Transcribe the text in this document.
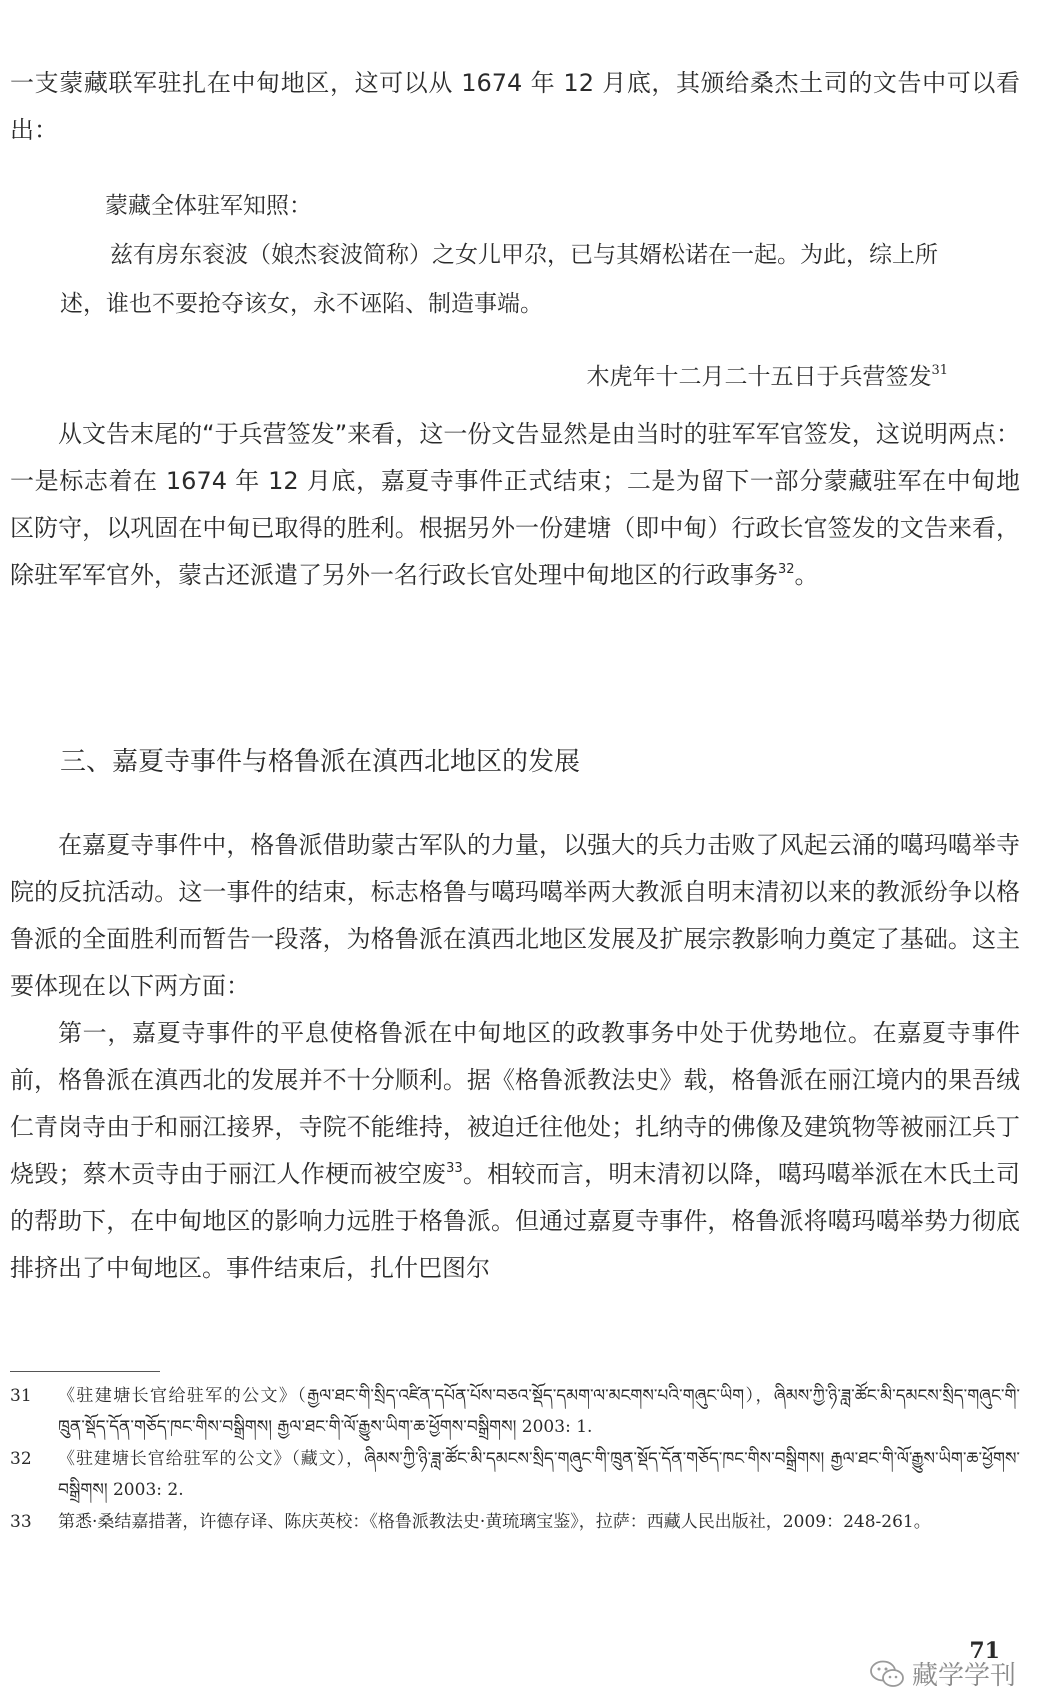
一支蒙藏联军驻扎在中甸地区，这可以从 1674 年 12 月底，其颁给桑杰土司的文告中可以看出：

蒙藏全体驻军知照：

兹有房东衮波（娘杰衮波简称）之女儿甲尕，已与其婿松诺在一起。为此，综上所述，谁也不要抢夺该女，永不诬陷、制造事端。

木虎年十二月二十五日于兵营签发$^{31}$

从文告末尾的“于兵营签发”来看，这一份文告显然是由当时的驻军军官签发，这说明两点：一是标志着在 1674 年 12 月底，嘉夏寺事件正式结束；二是为留下一部分蒙藏驻军在中甸地区防守，以巩固在中甸已取得的胜利。根据另外一份建塘（即中甸）行政长官签发的文告来看，除驻军军官外，蒙古还派遣了另外一名行政长官处理中甸地区的行政事务$^{32}$。

三、嘉夏寺事件与格鲁派在滇西北地区的发展

在嘉夏寺事件中，格鲁派借助蒙古军队的力量，以强大的兵力击败了风起云涌的噶玛噶举寺院的反抗活动。这一事件的结束，标志格鲁与噶玛噶举两大教派自明末清初以来的教派纷争以格鲁派的全面胜利而暂告一段落，为格鲁派在滇西北地区发展及扩展宗教影响力奠定了基础。这主要体现在以下两方面：

第一，嘉夏寺事件的平息使格鲁派在中甸地区的政教事务中处于优势地位。在嘉夏寺事件前，格鲁派在滇西北的发展并不十分顺利。据《格鲁派教法史》载，格鲁派在丽江境内的果吾绒仁青岗寺由于和丽江接界，寺院不能维持，被迫迁往他处；扎纳寺的佛像及建筑物等被丽江兵丁烧毁；蔡木贡寺由于丽江人作梗而被空废$^{33}$。相较而言，明末清初以降，噶玛噶举派在木氏土司的帮助下，在中甸地区的影响力远胜于格鲁派。但通过嘉夏寺事件，格鲁派将噶玛噶举势力彻底排挤出了中甸地区。事件结束后，扎什巴图尔

31	《驻建塘长官给驻军的公文》（རྒྱལ་ཐང་གི་སྲིད་འཛིན་དཔོན་པོས་བཅའ་སྡོད་དམག་ལ་མངགས་པའི་གཞུང་ཡིག），ཞིམས་ཀྱི་ཉི་ཟླ་ཚོང་མི་དམངས་སྲིད་གཞུང་གི་ཁྲུན་སྡོད་དོན་གཅོད་ཁང་གིས་བསྒྲིགས། རྒྱལ་ཐང་གི་ལོ་རྒྱུས་ཡིག་ཆ་ཕྱོགས་བསྒྲིགས། 2003: 1.
32	《驻建塘长官给驻军的公文》（藏文），ཞིམས་ཀྱི་ཉི་ཟླ་ཚོང་མི་དམངས་སྲིད་གཞུང་གི་ཁྲུན་སྡོད་དོན་གཅོད་ཁང་གིས་བསྒྲིགས། རྒྱལ་ཐང་གི་ལོ་རྒྱུས་ཡིག་ཆ་ཕྱོགས་བསྒྲིགས། 2003: 2.
33	第悉·桑结嘉措著，许德存译、陈庆英校：《格鲁派教法史·黄琉璃宝鉴》，拉萨：西藏人民出版社，2009：248-261。
71
藏学学刊
